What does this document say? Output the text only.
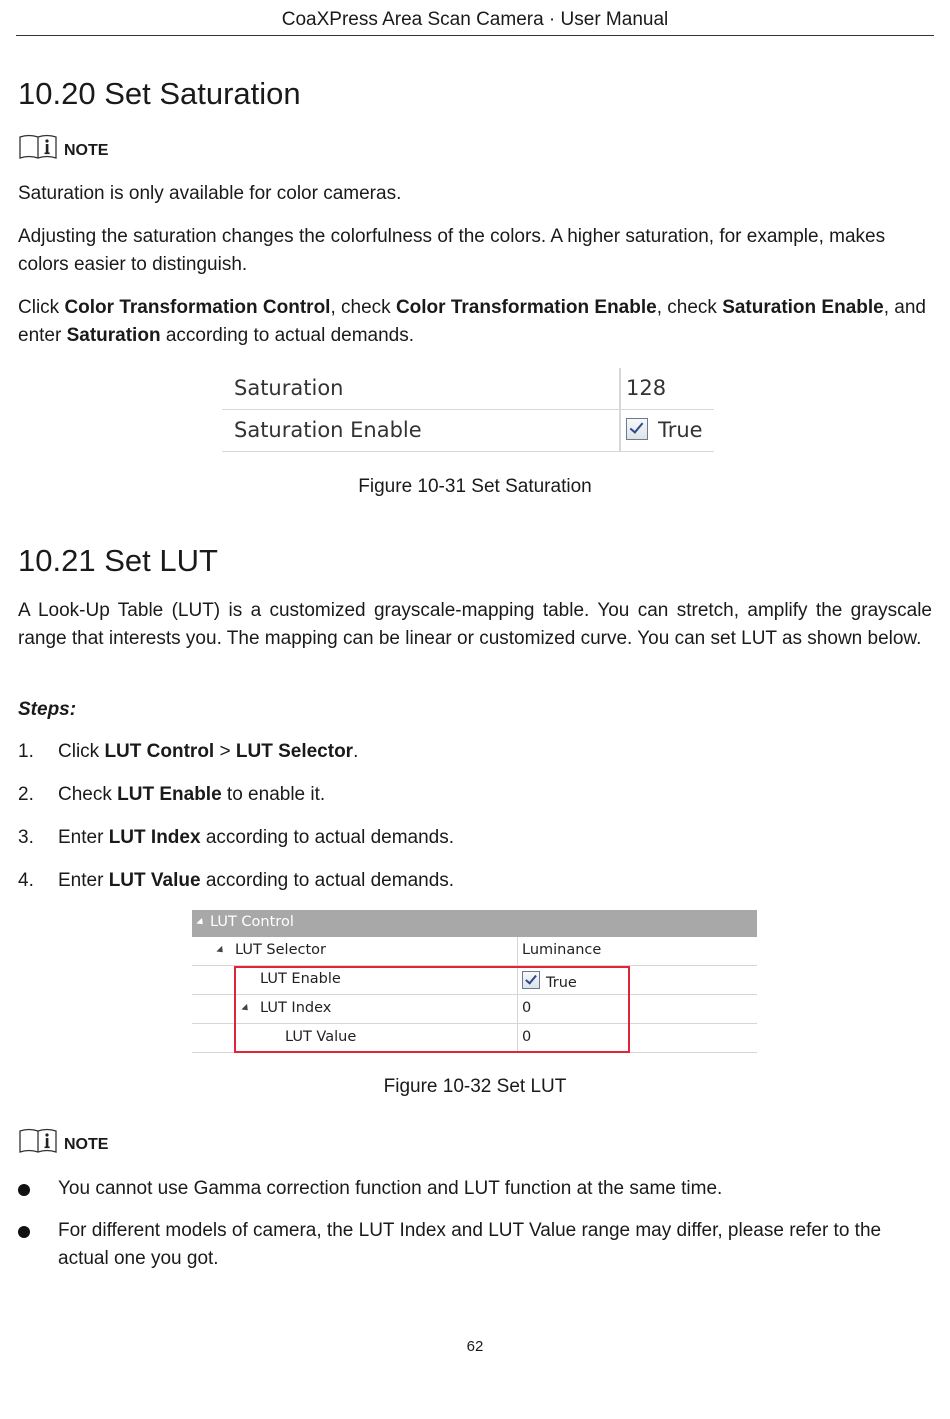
CoaXPress Area Scan Camera · User Manual
10.20 Set Saturation
NOTE

Saturation is only available for color cameras.

Adjusting the saturation changes the colorfulness of the colors. A higher saturation, for example, makes colors easier to distinguish.

Click Color Transformation Control, check Color Transformation Enable, check Saturation Enable, and enter Saturation according to actual demands.

Saturation	128
Saturation Enable	True
Figure 10-31 Set Saturation
10.21 Set LUT

A Look-Up Table (LUT) is a customized grayscale-mapping table. You can stretch, amplify the grayscale range that interests you. The mapping can be linear or customized curve. You can set LUT as shown below.

Steps:
1. Click LUT Control > LUT Selector.
2. Check LUT Enable to enable it.
3. Enter LUT Index according to actual demands.
4. Enter LUT Value according to actual demands.
LUT Control
LUT Selector	Luminance
LUT Enable	True
LUT Index	0
LUT Value	0
Figure 10-32 Set LUT
NOTE
You cannot use Gamma correction function and LUT function at the same time.
For different models of camera, the LUT Index and LUT Value range may differ, please refer to the actual one you got.
62
